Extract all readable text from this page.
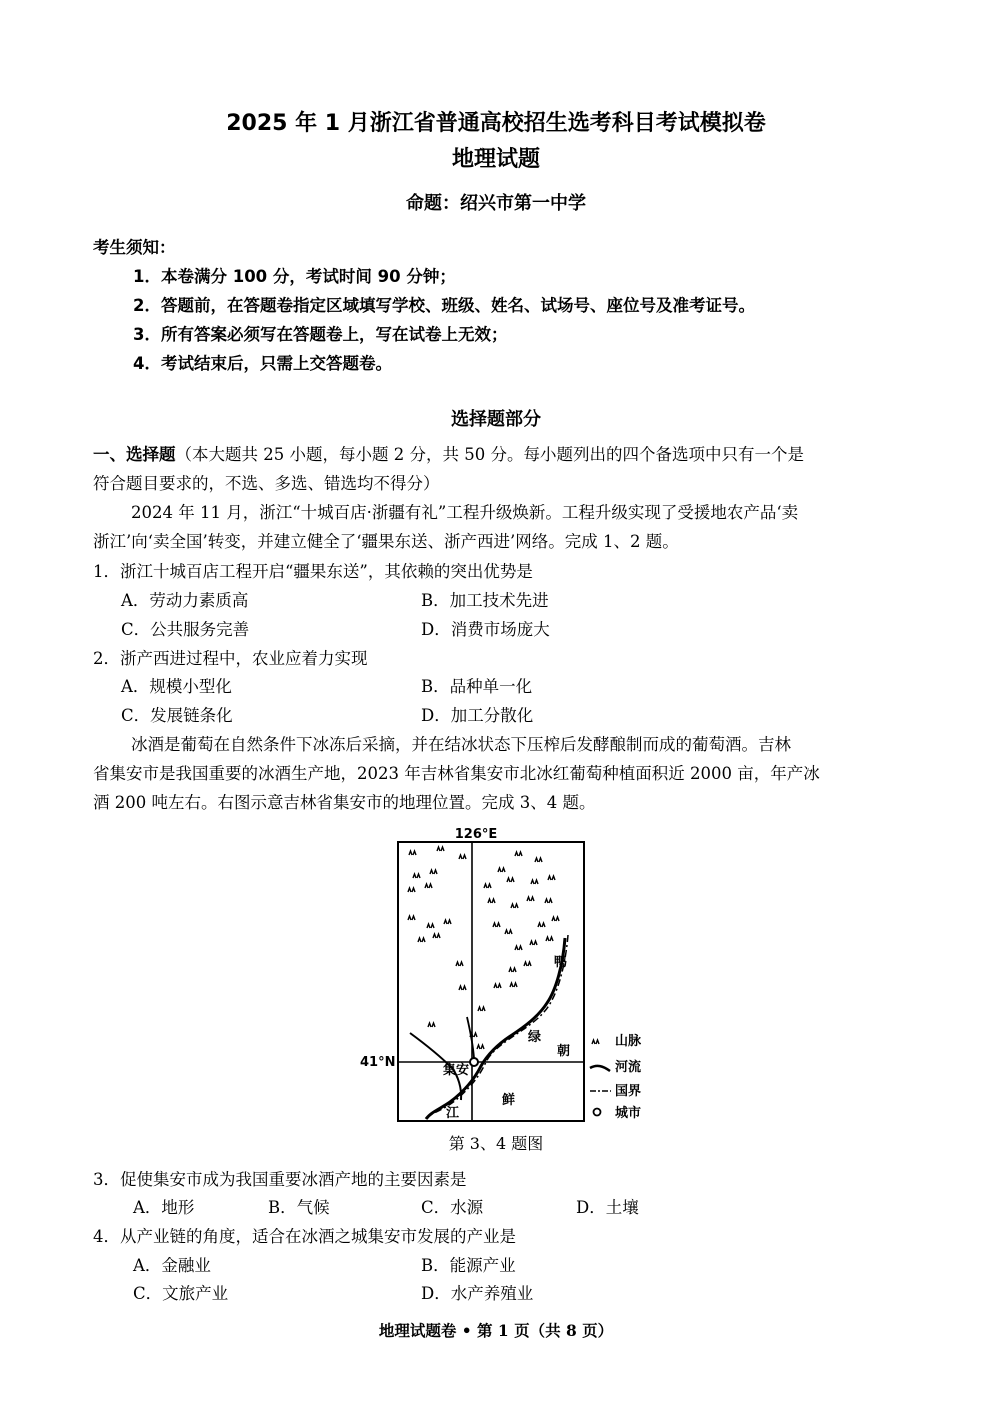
2025 年 1 月浙江省普通高校招生选考科目考试模拟卷
地理试题
命题：绍兴市第一中学
考生须知：
1．本卷满分 100 分，考试时间 90 分钟；
2．答题前，在答题卷指定区域填写学校、班级、姓名、试场号、座位号及准考证号。
3．所有答案必须写在答题卷上，写在试卷上无效；
4．考试结束后，只需上交答题卷。
选择题部分
一、选择题（本大题共 25 小题，每小题 2 分，共 50 分。每小题列出的四个备选项中只有一个是
符合题目要求的，不选、多选、错选均不得分）
2024 年 11 月，浙江“十城百店·浙疆有礼”工程升级焕新。工程升级实现了受援地农产品‘卖
浙江’向‘卖全国’转变，并建立健全了‘疆果东送、浙产西进’网络。完成 1、2 题。
1．浙江十城百店工程开启“疆果东送”，其依赖的突出优势是
A．劳动力素质高	B．加工技术先进
C．公共服务完善	D．消费市场庞大
2．浙产西进过程中，农业应着力实现
A．规模小型化	B．品种单一化
C．发展链条化	D．加工分散化
冰酒是葡萄在自然条件下冰冻后采摘，并在结冰状态下压榨后发酵酿制而成的葡萄酒。吉林
省集安市是我国重要的冰酒生产地，2023 年吉林省集安市北冰红葡萄种植面积近 2000 亩，年产冰
酒 200 吨左右。右图示意吉林省集安市的地理位置。完成 3、4 题。
126°E
41°N
集安
鸭
绿
江
朝
鲜
山脉
河流
国界
城市
第 3、4 题图
3．促使集安市成为我国重要冰酒产地的主要因素是
A．地形	B．气候	C．水源	D．土壤
4．从产业链的角度，适合在冰酒之城集安市发展的产业是
A．金融业	B．能源产业
C．文旅产业	D．水产养殖业
地理试题卷 • 第 1 页（共 8 页）
